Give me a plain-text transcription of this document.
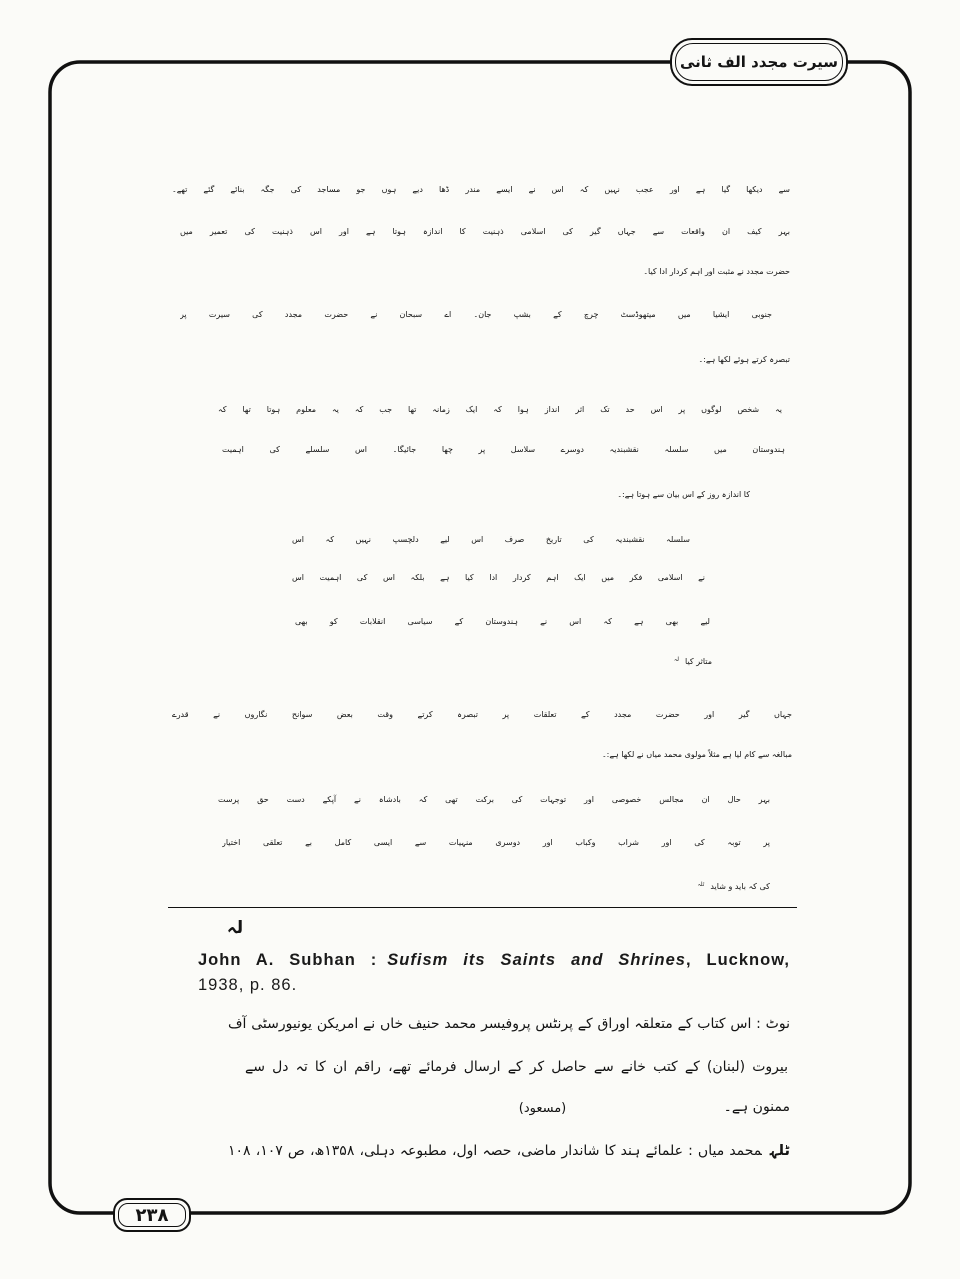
سیرت مجدد الف ثانی
سے دیکھا گیا ہے اور عجب نہیں کہ اس نے ایسے مندر ڈھا دیے ہوں جو مساجد کی جگہ بنائے گئے تھے۔
بہر کیف ان واقعات سے جہاں گیر کی اسلامی ذہنیت کا اندازہ ہوتا ہے اور اس ذہنیت کی تعمیر میں
حضرت مجدد نے مثبت اور اہم کردار ادا کیا۔
جنوبی ایشیا میں میتھوڈسٹ چرچ کے بشپ جان۔ اے سبحان نے حضرت مجدد کی سیرت پر
تبصرہ کرتے ہوئے لکھا ہے:۔
یہ شخص لوگوں پر اس حد تک اثر انداز ہوا کہ ایک زمانہ تھا جب کہ یہ معلوم ہوتا تھا کہ
ہندوستان میں سلسلہ نقشبندیہ دوسرے سلاسل پر چھا جائیگا۔ اس سلسلے کی اہمیت
کا اندازہ روز کے اس بیان سے ہوتا ہے:۔
سلسلہ نقشبندیہ کی تاریخ صرف اس لیے دلچسپ نہیں کہ اس
نے اسلامی فکر میں ایک اہم کردار ادا کیا ہے بلکہ اس کی اہمیت اس
لیے بھی ہے کہ اس نے ہندوستان کے سیاسی انقلابات کو بھی
متاثر کیا$^{لہ}$
جہاں گیر اور حضرت مجدد کے تعلقات پر تبصرہ کرتے وقت بعض سوانح نگاروں نے قدرے
مبالغہ سے کام لیا ہے مثلاً مولوی محمد میاں نے لکھا ہے:۔
بہر حال ان مجالس خصوصی اور توجہات کی برکت تھی کہ بادشاہ نے آپکے دست حق پرست
پر توبہ کی اور شراب وکباب اور دوسری منہیات سے ایسی کامل بے تعلقی اختیار
کی کہ باید و شاید$^{ٹلہ}$
لہ
John A. Subhan : Sufism its Saints and Shrines, Lucknow,
1938, p. 86.
نوٹ : اس کتاب کے متعلقہ اوراق کے پرنٹس پروفیسر محمد حنیف خاں نے امریکن یونیورسٹی آف
بیروت (لبنان) کے کتب خانے سے حاصل کر کے ارسال فرمائے تھے، راقم ان کا تہ دل سے
ممنون ہے۔
(مسعود)
ٹلہمحمد میاں : علمائے ہند کا شاندار ماضی، حصہ اول، مطبوعہ دہلی، ۱۳۵۸ھ، ص ۱۰۷، ۱۰۸
۲۳۸
